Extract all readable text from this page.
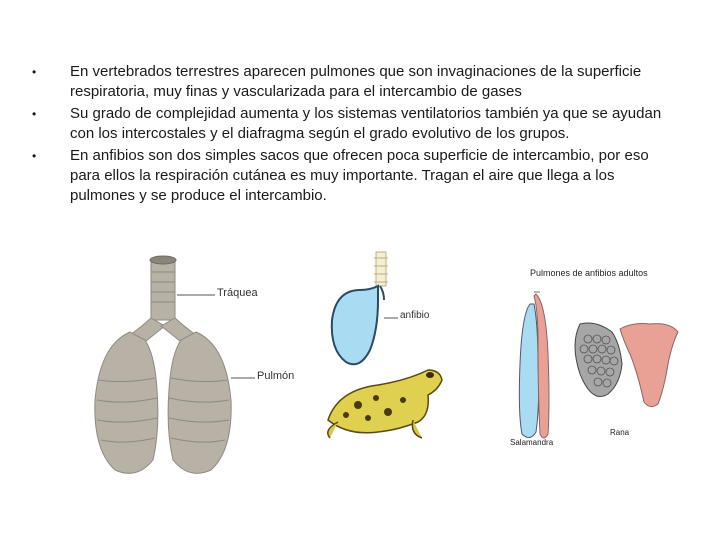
• En vertebrados terrestres aparecen pulmones que son invaginaciones de la superficie respiratoria, muy finas y vascularizada para el intercambio de gases
• Su grado de complejidad aumenta y los sistemas ventilatorios también ya que se ayudan con los intercostales y el diafragma según el grado evolutivo de los grupos.
• En anfibios son dos simples sacos que ofrecen poca superficie de intercambio, por eso para ellos la respiración cutánea es muy importante. Tragan el aire que llega a los pulmones y se produce el intercambio.
Tráquea
Pulmón
anfibio
Pulmones de anfibios adultos
Salamandra
Rana
